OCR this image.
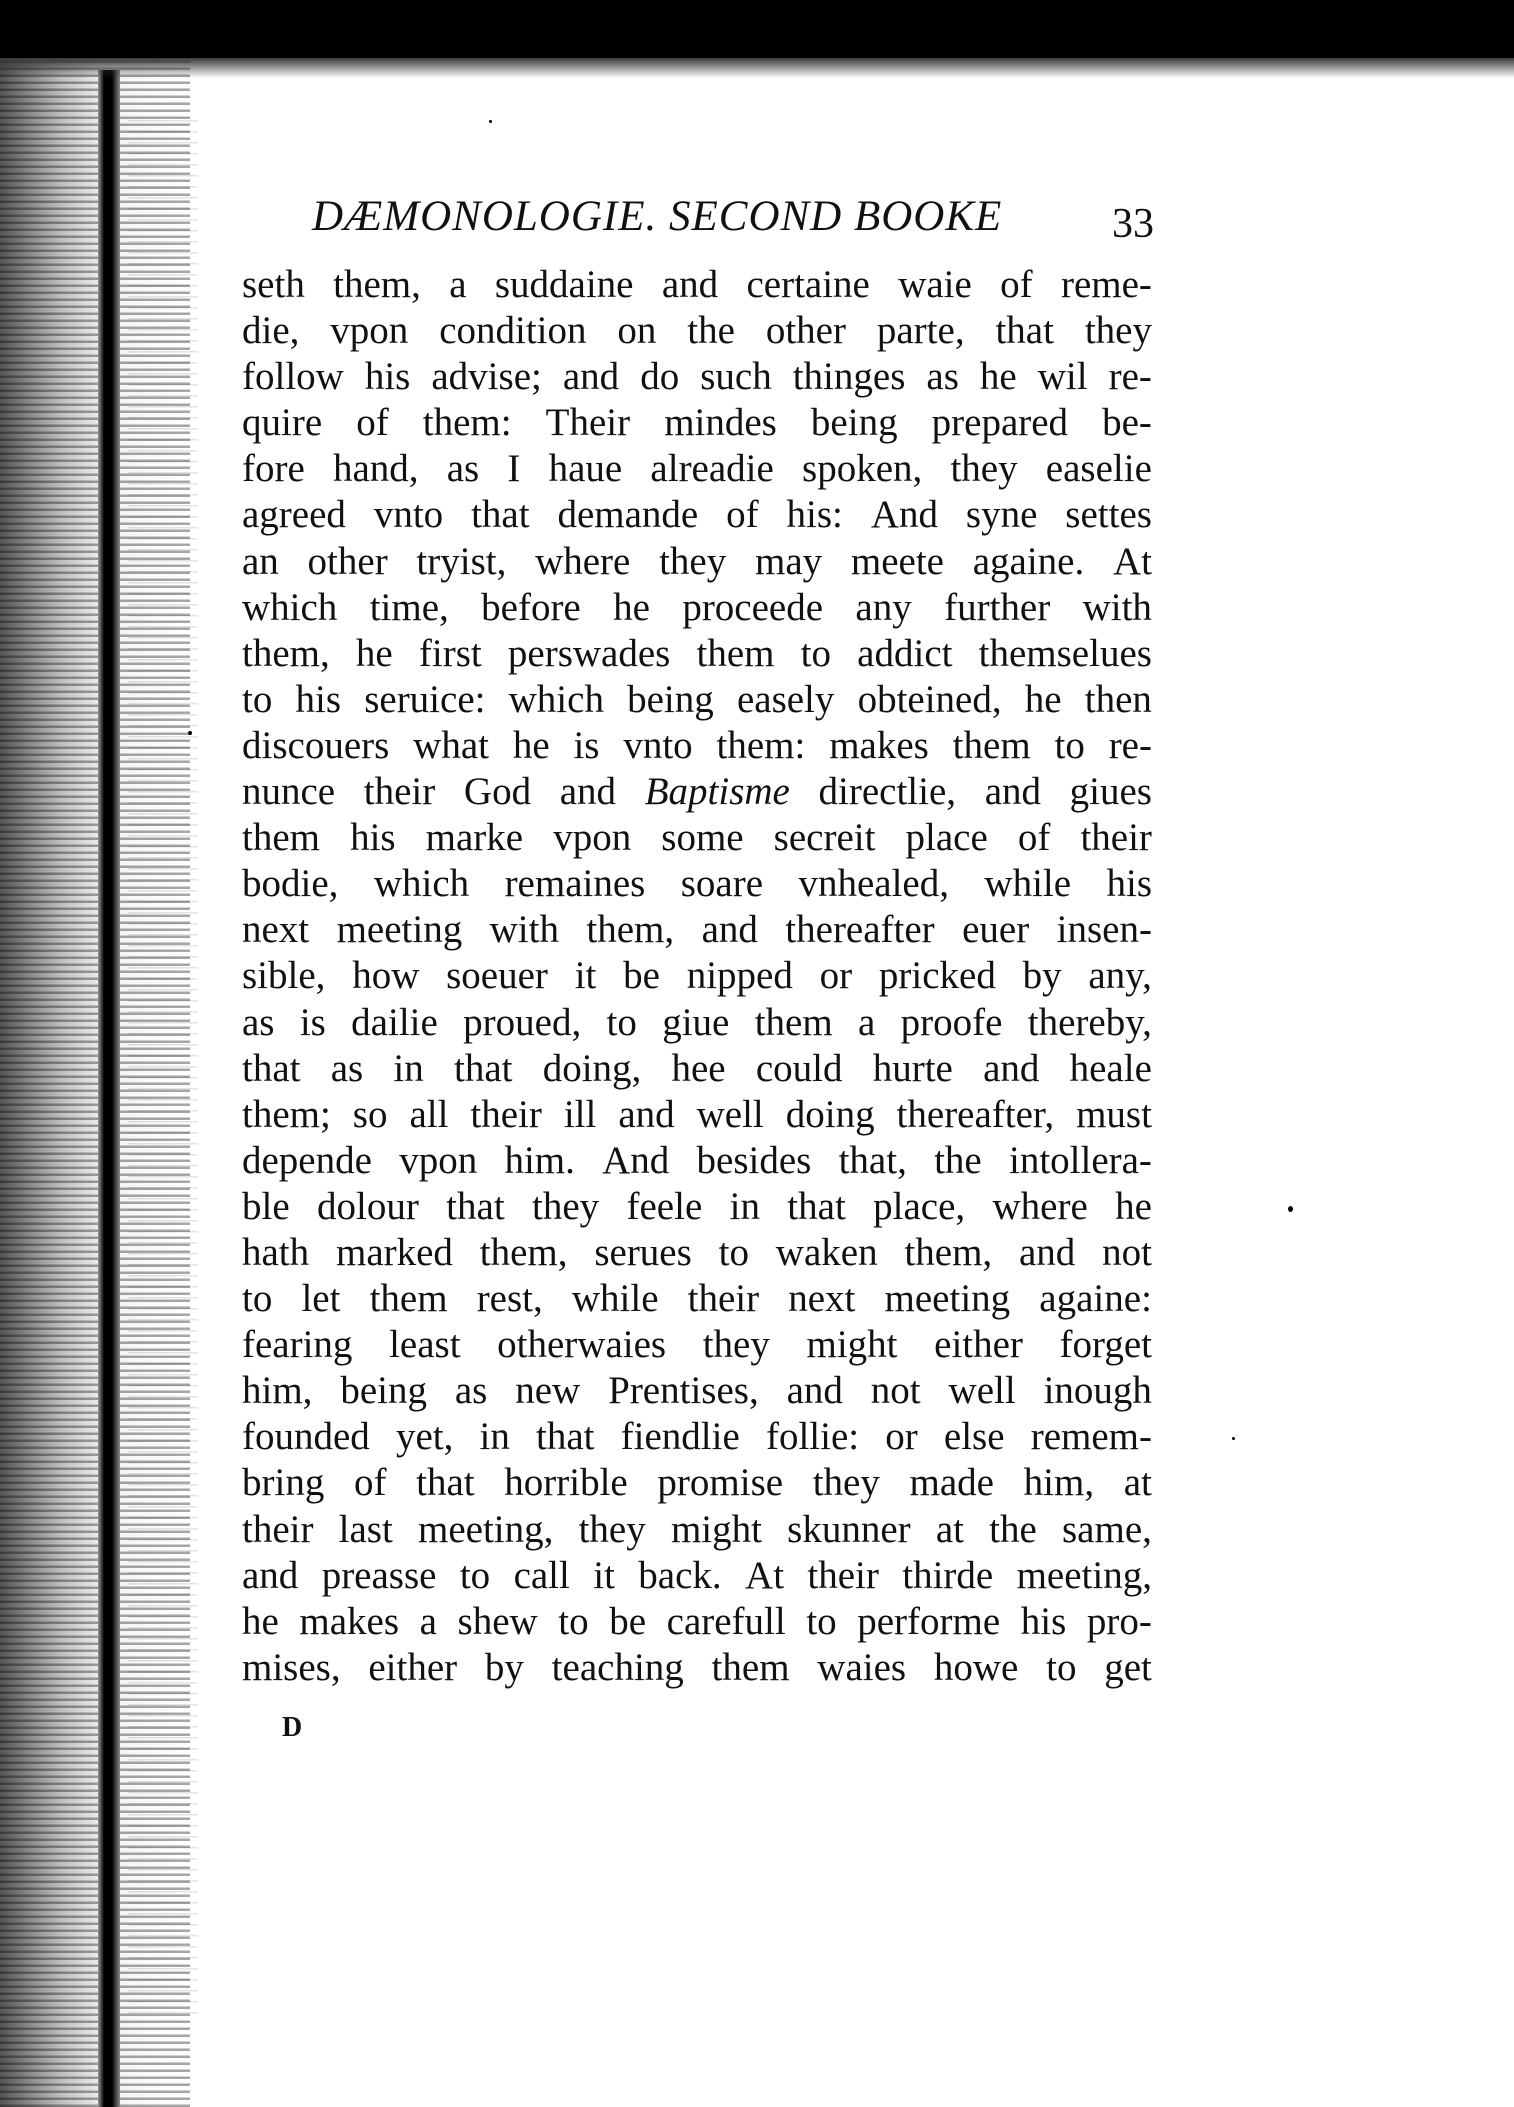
DÆMONOLOGIE. SECOND BOOKE	33
seth them, a suddaine and certaine waie of reme-
die, vpon condition on the other parte, that they
follow his advise; and do such thinges as he wil re-
quire of them: Their mindes being prepared be-
fore hand, as I haue alreadie spoken, they easelie
agreed vnto that demande of his: And syne settes
an other tryist, where they may meete againe. At
which time, before he proceede any further with
them, he first perswades them to addict themselues
to his seruice: which being easely obteined, he then
discouers what he is vnto them: makes them to re-
nunce their God and Baptisme directlie, and giues
them his marke vpon some secreit place of their
bodie, which remaines soare vnhealed, while his
next meeting with them, and thereafter euer insen-
sible, how soeuer it be nipped or pricked by any,
as is dailie proued, to giue them a proofe thereby,
that as in that doing, hee could hurte and heale
them; so all their ill and well doing thereafter, must
depende vpon him. And besides that, the intollera-
ble dolour that they feele in that place, where he
hath marked them, serues to waken them, and not
to let them rest, while their next meeting againe:
fearing least otherwaies they might either forget
him, being as new Prentises, and not well inough
founded yet, in that fiendlie follie: or else remem-
bring of that horrible promise they made him, at
their last meeting, they might skunner at the same,
and preasse to call it back. At their thirde meeting,
he makes a shew to be carefull to performe his pro-
mises, either by teaching them waies howe to get
D
